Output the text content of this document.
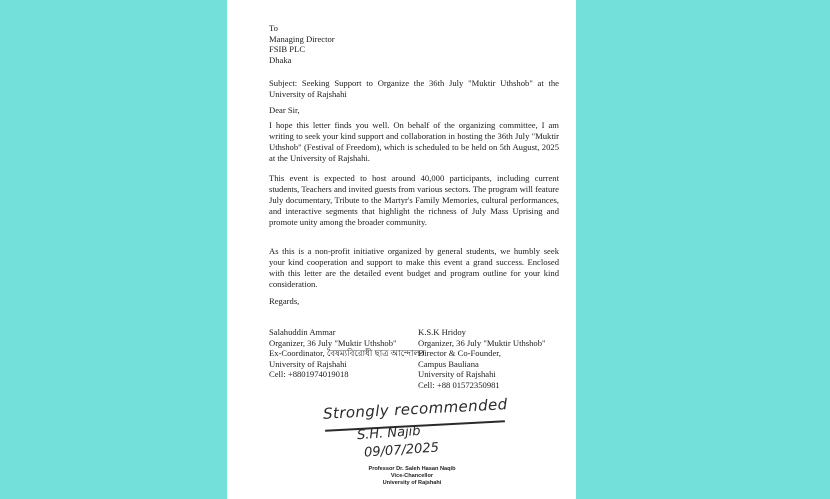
To
Managing Director
FSIB PLC
Dhaka
Subject: Seeking Support to Organize the 36th July "Muktir Uthshob" at the University of Rajshahi
Dear Sir,
I hope this letter finds you well. On behalf of the organizing committee, I am writing to seek your kind support and collaboration in hosting the 36th July "Muktir Uthshob" (Festival of Freedom), which is scheduled to be held on 5th August, 2025 at the University of Rajshahi.
This event is expected to host around 40,000 participants, including current students, Teachers and invited guests from various sectors. The program will feature July documentary, Tribute to the Martyr's Family Memories, cultural performances, and interactive segments that highlight the richness of July Mass Uprising and promote unity among the broader community.
As this is a non-profit initiative organized by general students, we humbly seek your kind cooperation and support to make this event a grand success. Enclosed with this letter are the detailed event budget and program outline for your kind consideration.
Regards,
Salahuddin Ammar
Organizer, 36 July "Muktir Uthshob"
Ex-Coordinator, বৈষম্যবিরোধী ছাত্র আন্দোলন
University of Rajshahi
Cell: +8801974019018
K.S.K Hridoy
Organizer, 36 July "Muktir Uthshob"
Director & Co-Founder,
Campus Bauliana
University of Rajshahi
Cell: +88 01572350981
Strongly recommended
S.H. Najib
09/07/2025
Professor Dr. Saleh Hasan Naqib
Vice-Chancellor
University of Rajshahi
